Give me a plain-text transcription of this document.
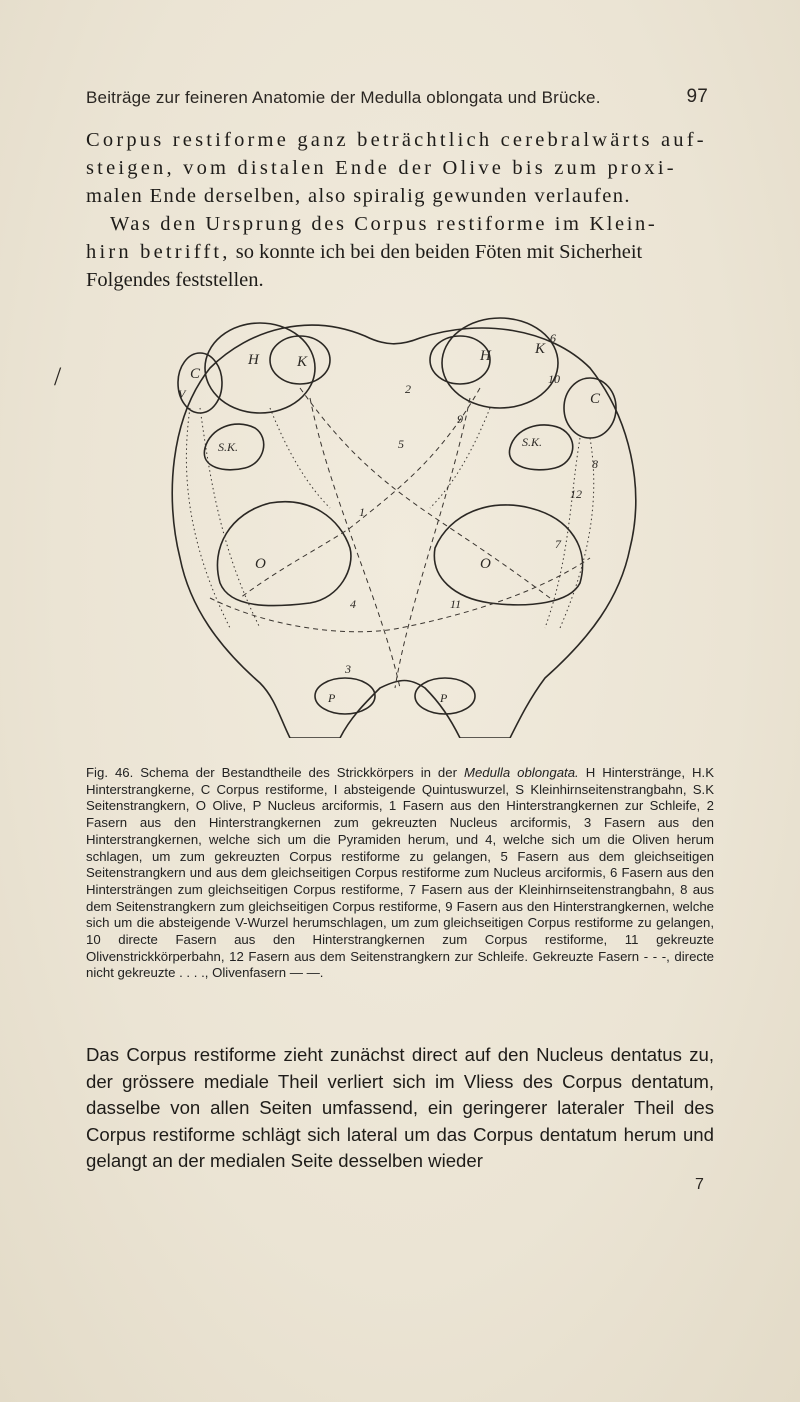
Beiträge zur feineren Anatomie der Medulla oblongata und Brücke.	97

Corpus restiforme ganz beträchtlich cerebralwärts auf-

steigen, vom distalen Ende der Olive bis zum proxi-

malen Ende derselben, also spiralig gewunden verlaufen.

Was den Ursprung des Corpus restiforme im Klein-

hirn betrifft, so konnte ich bei den beiden Föten mit Sicherheit

Folgendes feststellen.

/
H	K
C
H	K
C
S.K.	S.K.
O	O
P	P
V
1
2
3
4
5
6
7
8
9
10
11
12
Fig. 46. Schema der Bestandtheile des Strickkörpers in der Medulla oblongata. H Hinterstränge, H.K Hinterstrangkerne, C Corpus restiforme, I absteigende Quintuswurzel, S Kleinhirnseitenstrangbahn, S.K Seitenstrangkern, O Olive, P Nucleus arciformis, 1 Fasern aus den Hinterstrangkernen zur Schleife, 2 Fasern aus den Hinterstrangkernen zum gekreuzten Nucleus arciformis, 3 Fasern aus den Hinterstrangkernen, welche sich um die Pyramiden herum, und 4, welche sich um die Oliven herum schlagen, um zum gekreuzten Corpus restiforme zu gelangen, 5 Fasern aus dem gleichseitigen Seitenstrangkern und aus dem gleichseitigen Corpus restiforme zum Nucleus arciformis, 6 Fasern aus den Hintersträngen zum gleichseitigen Corpus restiforme, 7 Fasern aus der Kleinhirnseitenstrangbahn, 8 aus dem Seitenstrangkern zum gleichseitigen Corpus restiforme, 9 Fasern aus den Hinterstrangkernen, welche sich um die absteigende V-Wurzel herumschlagen, um zum gleichseitigen Corpus restiforme zu gelangen, 10 directe Fasern aus den Hinterstrangkernen zum Corpus restiforme, 11 gekreuzte Olivenstrickkörperbahn, 12 Fasern aus dem Seitenstrangkern zur Schleife. Gekreuzte Fasern - - -, directe nicht gekreuzte . . . ., Olivenfasern — —.

Das Corpus restiforme zieht zunächst direct auf den Nucleus dentatus zu, der grössere mediale Theil verliert sich im Vliess des Corpus dentatum, dasselbe von allen Seiten umfassend, ein geringerer lateraler Theil des Corpus restiforme schlägt sich lateral um das Corpus dentatum herum und gelangt an der medialen Seite desselben wieder

7
